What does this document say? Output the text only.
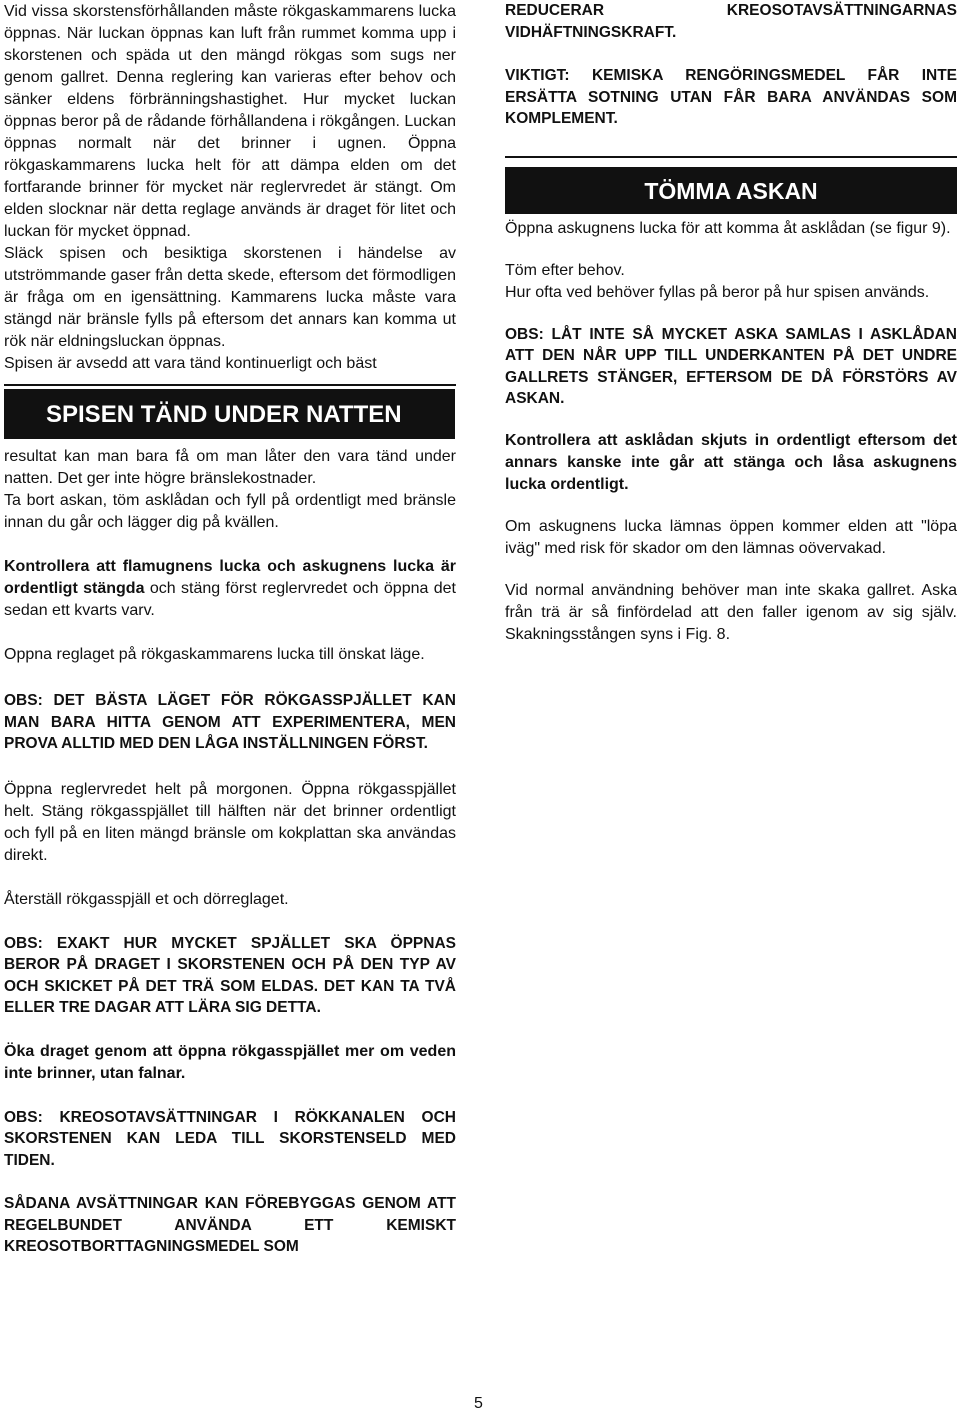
Vid vissa skorstensförhållanden måste rökgaskammarens lucka öppnas. När luckan öppnas kan luft från rummet komma upp i skorstenen och späda ut den mängd rökgas som sugs ner genom gallret. Denna reglering kan varieras efter behov och sänker eldens förbränningshastighet. Hur mycket luckan öppnas beror på de rådande förhållandena i rökgången. Luckan öppnas normalt när det brinner i ugnen. Öppna rökgaskammarens lucka helt för att dämpa elden om det fortfarande brinner för mycket när reglervredet är stängt. Om elden slocknar när detta reglage används är draget för litet och luckan för mycket öppnad.

Släck spisen och besiktiga skorstenen i händelse av utströmmande gaser från detta skede, eftersom det förmodligen är fråga om en igensättning. Kammarens lucka måste vara stängd när bränsle fylls på eftersom det annars kan komma ut rök när eldningsluckan öppnas.

Spisen är avsedd att vara tänd kontinuerligt och bäst

SPISEN TÄND UNDER NATTEN

resultat kan man bara få om man låter den vara tänd under natten. Det ger inte högre bränslekostnader.

Ta bort askan, töm asklådan och fyll på ordentligt med bränsle innan du går och lägger dig på kvällen.

Kontrollera att flamugnens lucka och askugnens lucka är ordentligt stängda och stäng först reglervredet och öppna det sedan ett kvarts varv.

Oppna reglaget på rökgaskammarens lucka till önskat läge.

OBS: DET BÄSTA LÄGET FÖR RÖKGASSPJÄLLET KAN MAN BARA HITTA GENOM ATT EXPERIMENTERA, MEN PROVA ALLTID MED DEN LÅGA INSTÄLLNINGEN FÖRST.

Öppna reglervredet helt på morgonen. Öppna rökgasspjället helt. Stäng rökgasspjället till hälften när det brinner ordentligt och fyll på en liten mängd bränsle om kokplattan ska användas direkt.

Återställ rökgasspjäll et och dörreglaget.

OBS: EXAKT HUR MYCKET SPJÄLLET SKA ÖPPNAS BEROR PÅ DRAGET I SKORSTENEN OCH PÅ DEN TYP AV OCH SKICKET PÅ DET TRÄ SOM ELDAS. DET KAN TA TVÅ ELLER TRE DAGAR ATT LÄRA SIG DETTA.

Öka draget genom att öppna rökgasspjället mer om veden inte brinner, utan falnar.

OBS: KREOSOTAVSÄTTNINGAR I RÖKKANALEN OCH SKORSTENEN KAN LEDA TILL SKORSTENSELD MED TIDEN.

SÅDANA AVSÄTTNINGAR KAN FÖREBYGGAS GENOM ATT REGELBUNDET ANVÄNDA ETT KEMISKT KREOSOTBORTTAGNINGSMEDEL SOM

REDUCERAR KREOSOTAVSÄTTNINGARNAS VIDHÄFTNINGSKRAFT.

VIKTIGT: KEMISKA RENGÖRINGSMEDEL FÅR INTE ERSÄTTA SOTNING UTAN FÅR BARA ANVÄNDAS SOM KOMPLEMENT.

TÖMMA ASKAN

Öppna askugnens lucka för att komma åt asklådan (se figur 9).

Töm efter behov.

Hur ofta ved behöver fyllas på beror på hur spisen används.

OBS: LÅT INTE SÅ MYCKET ASKA SAMLAS I ASKLÅDAN ATT DEN NÅR UPP TILL UNDERKANTEN PÅ DET UNDRE GALLRETS STÄNGER, EFTERSOM DE DÅ FÖRSTÖRS AV ASKAN.

Kontrollera att asklådan skjuts in ordentligt eftersom det annars kanske inte går att stänga och låsa askugnens lucka ordentligt.

Om askugnens lucka lämnas öppen kommer elden att "löpa iväg" med risk för skador om den lämnas oövervakad.

Vid normal användning behöver man inte skaka gallret. Aska från trä är så finfördelad att den faller igenom av sig själv. Skakningsstången syns i Fig. 8.

5
